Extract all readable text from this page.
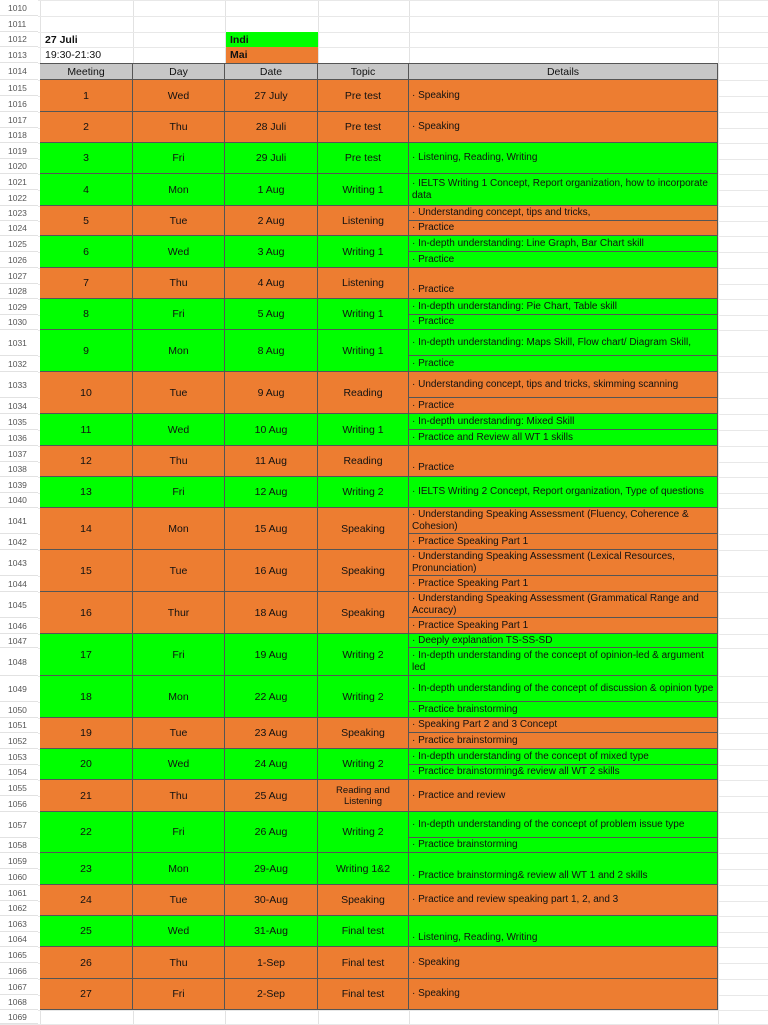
1010
1011
1012
1013
1014
1015
1016
1017
1018
1019
1020
1021
1022
1023
1024
1025
1026
1027
1028
1029
1030
1031
1032
1033
1034
1035
1036
1037
1038
1039
1040
1041
1042
1043
1044
1045
1046
1047
1048
1049
1050
1051
1052
1053
1054
1055
1056
1057
1058
1059
1060
1061
1062
1063
1064
1065
1066
1067
1068
1069
27 Juli
19:30-21:30
Indi
Mai
Meeting	Day	Date	Topic	Details
1	Wed	27 July	Pre test	· Speaking
2	Thu	28 Juli	Pre test	· Speaking
3	Fri	29 Juli	Pre test	· Listening, Reading, Writing
4	Mon	1 Aug	Writing 1
· IELTS Writing 1 Concept, Report organization, how to incorporate data
5	Tue	2 Aug	Listening
· Understanding concept, tips and tricks,
· Practice
6	Wed	3 Aug	Writing 1
· In-depth understanding: Line Graph, Bar Chart skill
· Practice
7	Thu	4 Aug	Listening
· Practice
8	Fri	5 Aug	Writing 1
· In-depth understanding: Pie Chart, Table skill
· Practice
9	Mon	8 Aug	Writing 1
· In-depth understanding: Maps Skill, Flow chart/ Diagram Skill,
· Practice
10	Tue	9 Aug	Reading
· Understanding concept, tips and tricks, skimming scanning
· Practice
11	Wed	10 Aug	Writing 1
· In-depth understanding: Mixed Skill
· Practice and Review all WT 1 skills
12	Thu	11 Aug	Reading
· Practice
13	Fri	12 Aug	Writing 2	· IELTS Writing 2 Concept, Report organization, Type of questions
14	Mon	15 Aug	Speaking
· Understanding Speaking Assessment (Fluency, Coherence & Cohesion)
· Practice Speaking Part 1
15	Tue	16 Aug	Speaking
· Understanding Speaking Assessment (Lexical Resources, Pronunciation)
· Practice Speaking Part 1
16	Thur	18 Aug	Speaking
· Understanding Speaking Assessment (Grammatical Range and Accuracy)
· Practice Speaking Part 1
17	Fri	19 Aug	Writing 2
· Deeply explanation TS-SS-SD
· In-depth understanding of the concept of opinion-led & argument led
18	Mon	22 Aug	Writing 2
· In-depth understanding of the concept of discussion & opinion type
· Practice brainstorming
19	Tue	23 Aug	Speaking
· Speaking Part 2 and 3 Concept
· Practice brainstorming
20	Wed	24 Aug	Writing 2
· In-depth understanding of the concept of mixed type
· Practice brainstorming& review all WT 2 skills
21	Thu	25 Aug	Reading and Listening
· Practice and review
22	Fri	26 Aug	Writing 2
· In-depth understanding of the concept of problem issue type
· Practice brainstorming
23	Mon	29-Aug	Writing 1&2
· Practice brainstorming& review all WT 1 and 2 skills
24	Tue	30-Aug	Speaking	· Practice and review speaking part 1, 2, and 3
25	Wed	31-Aug	Final test
· Listening, Reading, Writing
26	Thu	1-Sep	Final test	· Speaking
27	Fri	2-Sep	Final test	· Speaking
